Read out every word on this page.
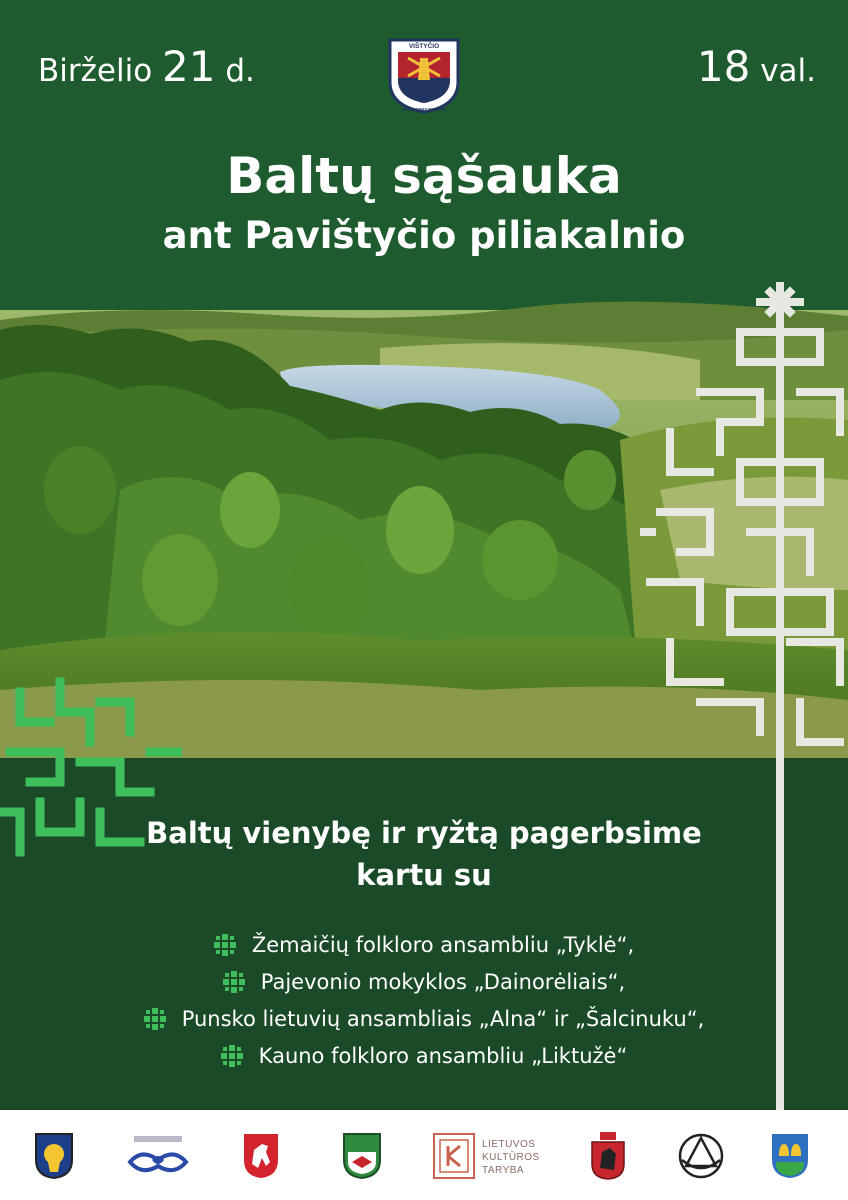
VIŠTYČIO
REGIONINIS PARKAS
Birželio 21 d.	18 val.
Baltų sąšauka
ant Pavištyčio piliakalnio
Baltų vienybę ir ryžtą pagerbsime
kartu su
Žemaičių folkloro ansambliu „Tyklė“,
Pajevonio mokyklos „Dainorėliais“,
Punsko lietuvių ansambliais „Alna“ ir „Šalcinuku“,
Kauno folkloro ansambliu „Liktužė“
LIETUVOS
KULTŪROS
TARYBA
